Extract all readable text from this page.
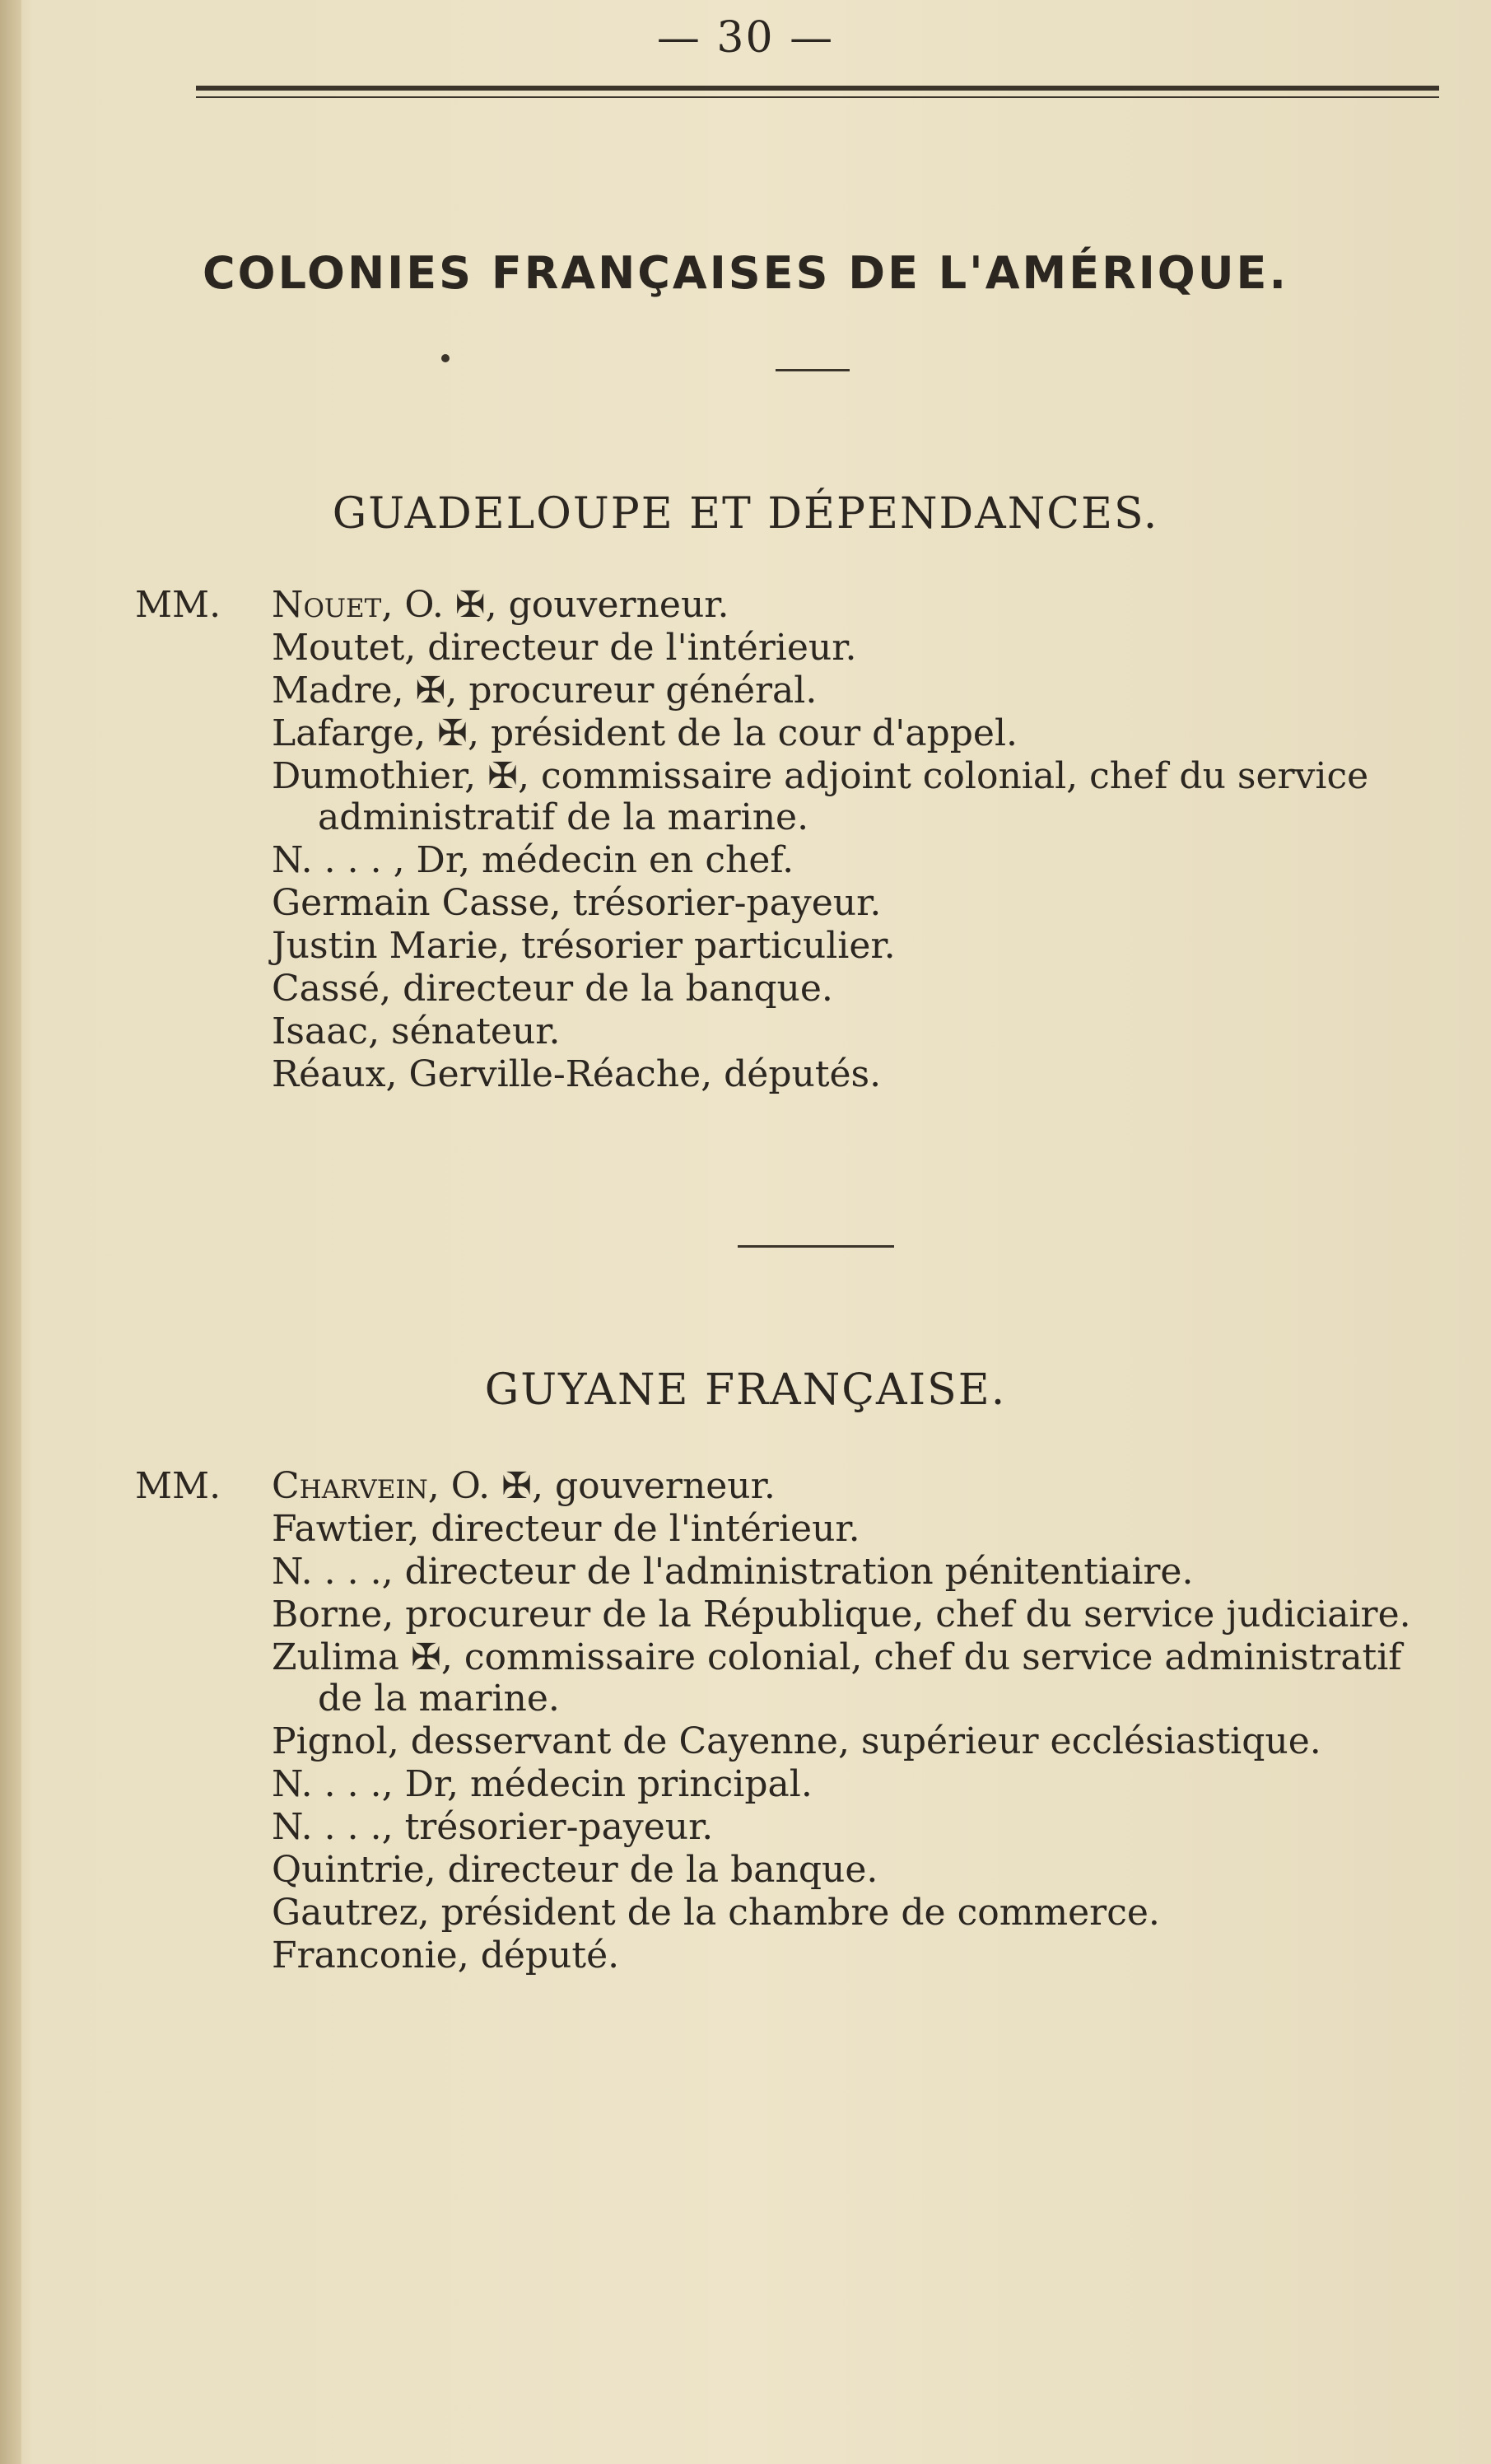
— 30 —
COLONIES FRANÇAISES DE L'AMÉRIQUE.
GUADELOUPE ET DÉPENDANCES.

MM. Nouet, O. ✠, gouverneur.

Moutet, directeur de l'intérieur.

Madre, ✠, procureur général.

Lafarge, ✠, président de la cour d'appel.

Dumothier, ✠, commissaire adjoint colonial, chef du service administratif de la marine.

N. . . . , Dr, médecin en chef.

Germain Casse, trésorier-payeur.

Justin Marie, trésorier particulier.

Cassé, directeur de la banque.

Isaac, sénateur.

Réaux, Gerville-Réache, députés.

GUYANE FRANÇAISE.

MM. Charvein, O. ✠, gouverneur.

Fawtier, directeur de l'intérieur.

N. . . ., directeur de l'administration pénitentiaire.

Borne, procureur de la République, chef du service judiciaire.

Zulima ✠, commissaire colonial, chef du service administratif de la marine.

Pignol, desservant de Cayenne, supérieur ecclésiastique.

N. . . ., Dr, médecin principal.

N. . . ., trésorier-payeur.

Quintrie, directeur de la banque.

Gautrez, président de la chambre de commerce.

Franconie, député.
